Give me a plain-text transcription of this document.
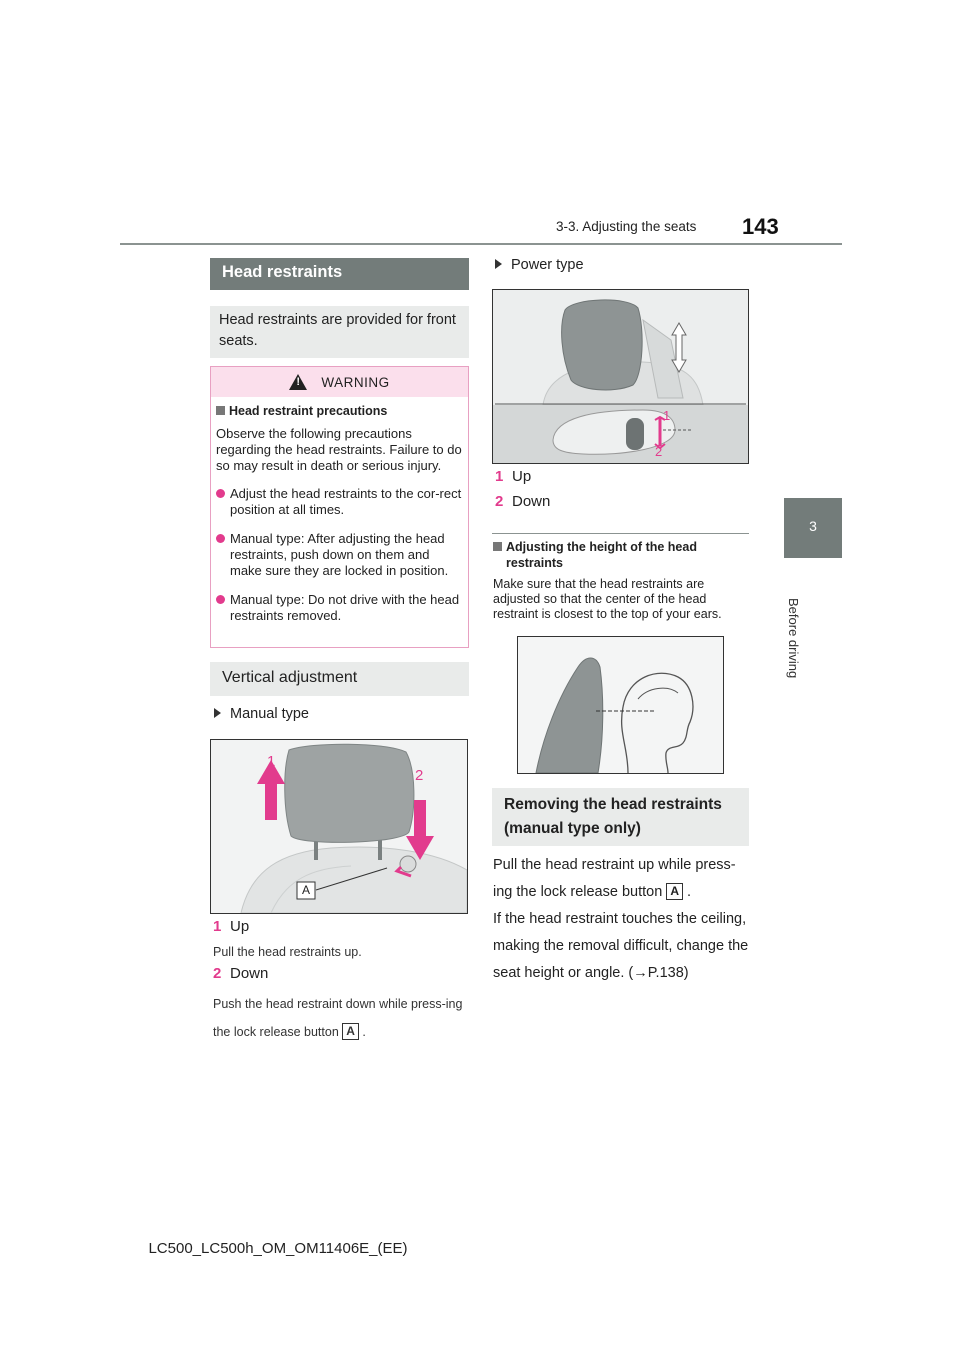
3-3. Adjusting the seats 143
3
Before driving
Head restraints
Head restraints are provided for front seats.
!
WARNING
Head restraint precautions
Observe the following precautions regarding the head restraints. Failure to do so may result in death or serious injury.
Adjust the head restraints to the cor-rect position at all times.
Manual type: After adjusting the head restraints, push down on them and make sure they are locked in position.
Manual type: Do not drive with the head restraints removed.
Vertical adjustment
Manual type
1
2
A
1 Up
Pull the head restraints up.
2 Down
Push the head restraint down while press-ing the lock release button A .
Power type
1
2
1 Up
2 Down
Adjusting the height of the head restraints
Make sure that the head restraints are adjusted so that the center of the head restraint is closest to the top of your ears.
Removing the head restraints (manual type only)
Pull the head restraint up while press-ing the lock release button A .
If the head restraint touches the ceiling, making the removal difficult, change the seat height or angle. (→P.138)
LC500_LC500h_OM_OM11406E_(EE)
